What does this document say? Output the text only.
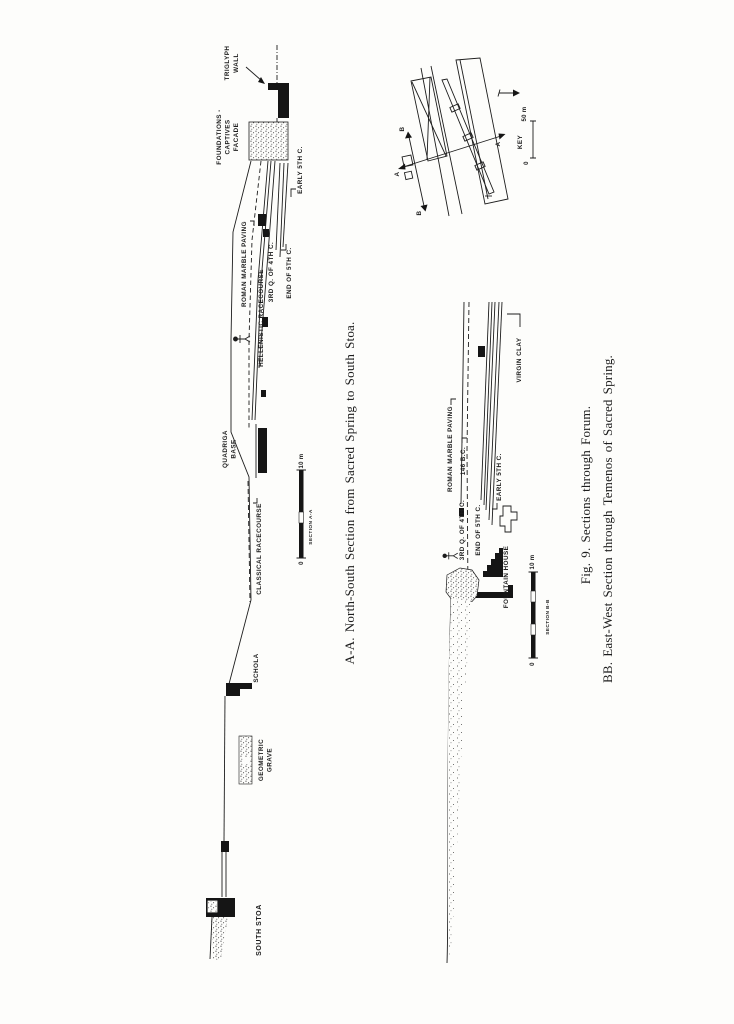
TRIGLYPH WALL
FOUNDATIONS - CAPTIVES FACADE
EARLY 5TH C.
ROMAN MARBLE PAVING	3RD Q. OF 4TH C.
HELLENISTIC RACECOURSE	END OF 5TH C.
QUADRIGA BASE
CLASSICAL RACECOURSE
SCHOLA
GEOMETRIC GRAVE
SOUTH STOA
10 m
0
SECTION A-A
A
A
B
B
KEY
50 m
0
VIRGIN CLAY
ROMAN MARBLE PAVING 146 B.C.	EARLY 5TH C.
3RD Q. OF 4TH C. END OF 5TH C.
FOUNTAIN HOUSE	10 m
0
SECTION B-B
A-A. North-South Section from Sacred Spring to South Stoa.	Fig. 9. Sections through Forum. BB. East-West Section through Temenos of Sacred Spring.
